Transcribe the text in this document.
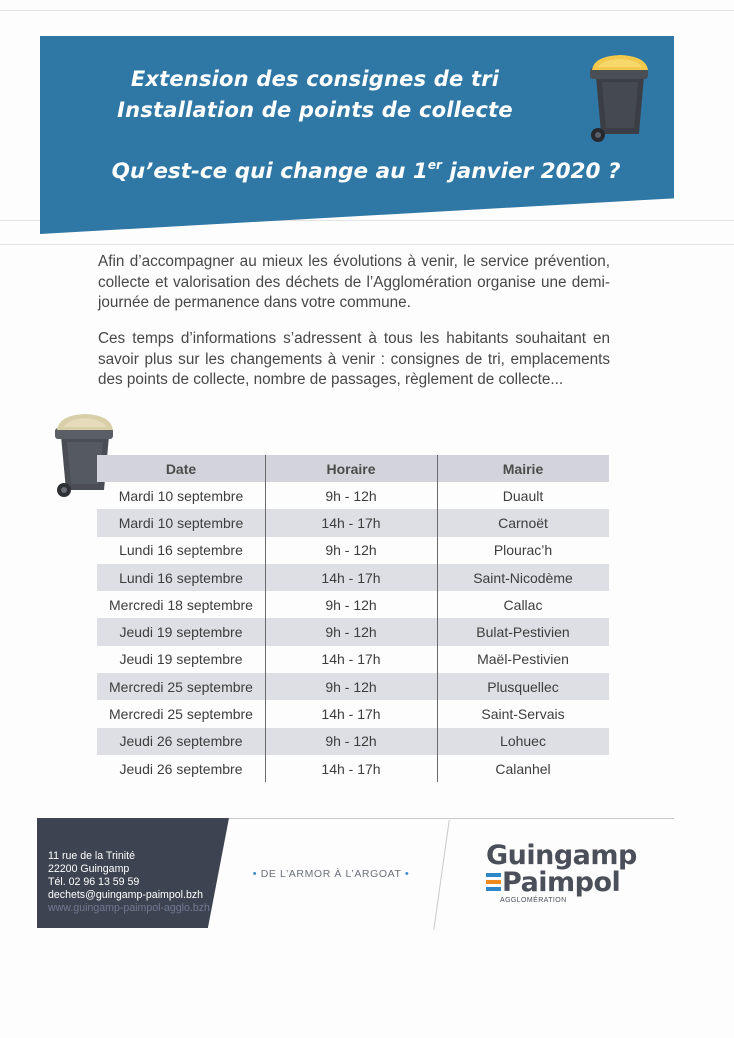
Extension des consignes de tri
Installation de points de collecte
Qu’est-ce qui change au 1er janvier 2020 ?

Afin d’accompagner au mieux les évolutions à venir, le service prévention, collecte et valorisation des déchets de l’Agglomération organise une demi-journée de permanence dans votre commune.

Ces temps d’informations s’adressent à tous les habitants souhaitant en savoir plus sur les changements à venir : consignes de tri, emplacements des points de collecte, nombre de passages, règlement de collecte...

Date	Horaire	Mairie
Mardi 10 septembre	9h - 12h	Duault
Mardi 10 septembre	14h - 17h	Carnoët
Lundi 16 septembre	9h - 12h	Plourac’h
Lundi 16 septembre	14h - 17h	Saint-Nicodème
Mercredi 18 septembre	9h - 12h	Callac
Jeudi 19 septembre	9h - 12h	Bulat-Pestivien
Jeudi 19 septembre	14h - 17h	Maël-Pestivien
Mercredi 25 septembre	9h - 12h	Plusquellec
Mercredi 25 septembre	14h - 17h	Saint-Servais
Jeudi 26 septembre	9h - 12h	Lohuec
Jeudi 26 septembre	14h - 17h	Calanhel
11 rue de la Trinité
22200 Guingamp
Tél. 02 96 13 59 59
dechets@guingamp-paimpol.bzh
www.guingamp-paimpol-agglo.bzh
• DE L’ARMOR À L’ARGOAT •
Guingamp
Paimpol
AGGLOMÉRATION
